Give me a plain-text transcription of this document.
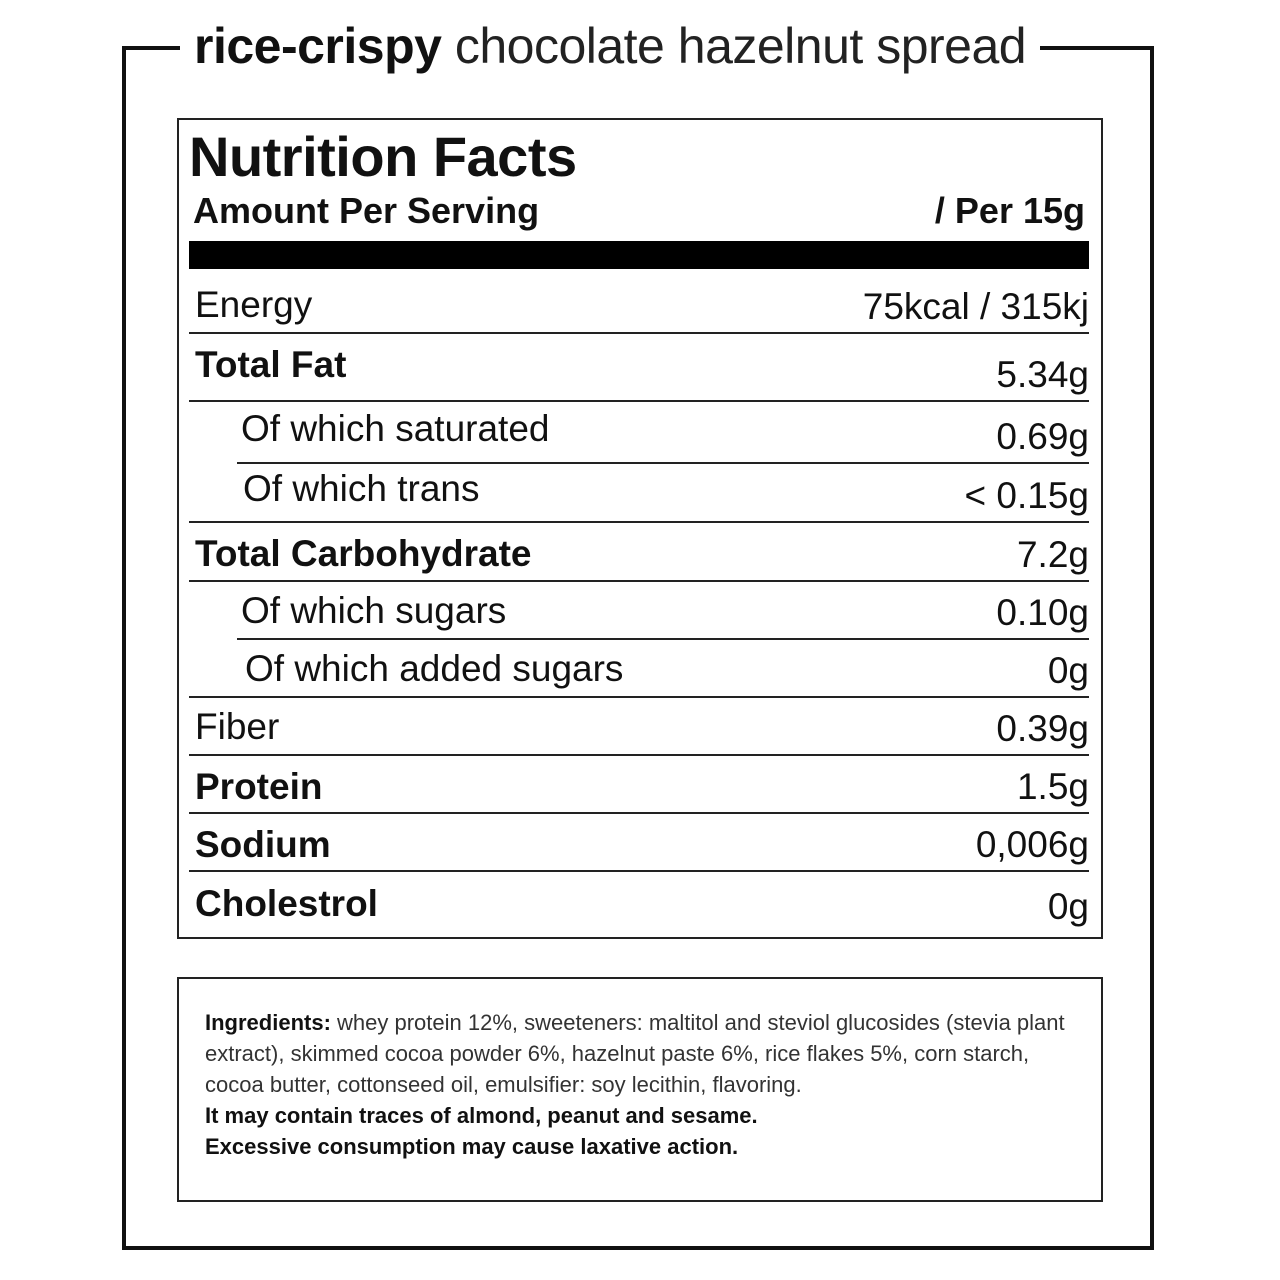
rice-crispy chocolate hazelnut spread
Nutrition Facts
Amount Per Serving	/ Per 15g
Energy	75kcal / 315kj
Total Fat	5.34g
Of which saturated	0.69g
Of which trans	< 0.15g
Total Carbohydrate	7.2g
Of which sugars	0.10g
Of which added sugars	0g
Fiber	0.39g
Protein	1.5g
Sodium	0,006g
Cholestrol	0g
Ingredients: whey protein 12%, sweeteners: maltitol and steviol glucosides (stevia plant extract), skimmed cocoa powder 6%, hazelnut paste 6%, rice flakes 5%, corn starch, cocoa butter, cottonseed oil, emulsifier: soy lecithin, flavoring.
It may contain traces of almond, peanut and sesame.
Excessive consumption may cause laxative action.
